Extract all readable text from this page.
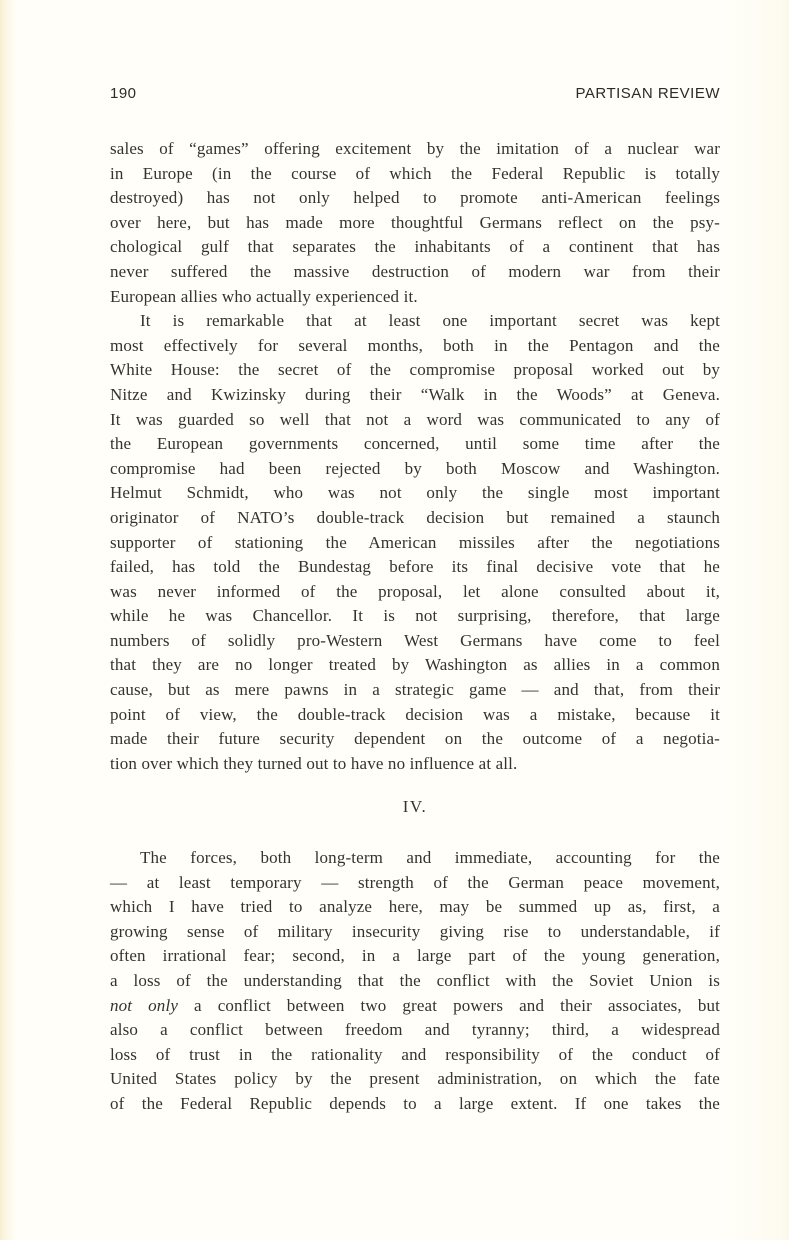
190	PARTISAN REVIEW
sales of “games” offering excitement by the imitation of a nuclear war
in Europe (in the course of which the Federal Republic is totally
destroyed) has not only helped to promote anti-American feelings
over here, but has made more thoughtful Germans reflect on the psy-
chological gulf that separates the inhabitants of a continent that has
never suffered the massive destruction of modern war from their
European allies who actually experienced it.
It is remarkable that at least one important secret was kept
most effectively for several months, both in the Pentagon and the
White House: the secret of the compromise proposal worked out by
Nitze and Kwizinsky during their “Walk in the Woods” at Geneva.
It was guarded so well that not a word was communicated to any of
the European governments concerned, until some time after the
compromise had been rejected by both Moscow and Washington.
Helmut Schmidt, who was not only the single most important
originator of NATO’s double-track decision but remained a staunch
supporter of stationing the American missiles after the negotiations
failed, has told the Bundestag before its final decisive vote that he
was never informed of the proposal, let alone consulted about it,
while he was Chancellor. It is not surprising, therefore, that large
numbers of solidly pro-Western West Germans have come to feel
that they are no longer treated by Washington as allies in a common
cause, but as mere pawns in a strategic game — and that, from their
point of view, the double-track decision was a mistake, because it
made their future security dependent on the outcome of a negotia-
tion over which they turned out to have no influence at all.
IV.
The forces, both long-term and immediate, accounting for the
— at least temporary — strength of the German peace movement,
which I have tried to analyze here, may be summed up as, first, a
growing sense of military insecurity giving rise to understandable, if
often irrational fear; second, in a large part of the young generation,
a loss of the understanding that the conflict with the Soviet Union is
not only a conflict between two great powers and their associates, but
also a conflict between freedom and tyranny; third, a widespread
loss of trust in the rationality and responsibility of the conduct of
United States policy by the present administration, on which the fate
of the Federal Republic depends to a large extent. If one takes the
